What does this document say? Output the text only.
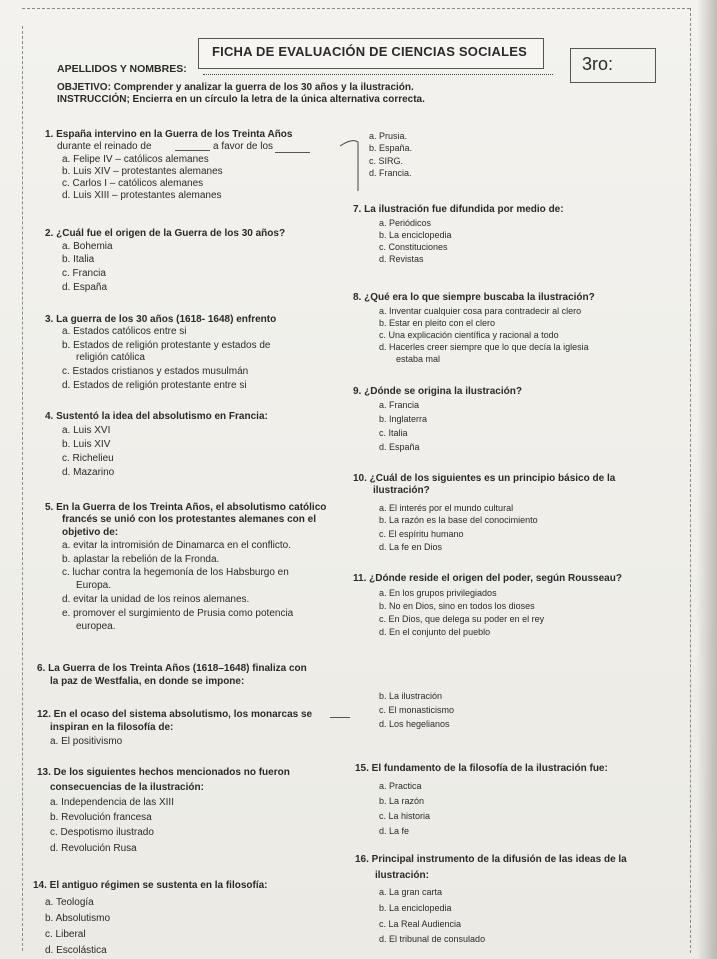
FICHA DE EVALUACIÓN DE CIENCIAS SOCIALES
3ro:
APELLIDOS Y NOMBRES:
OBJETIVO: Comprender y analizar la guerra de los 30 años y la ilustración.
INSTRUCCIÓN; Encierra en un círculo la letra de la única alternativa correcta.
1. España intervino en la Guerra de los Treinta Años
durante el reinado de	a favor de los
a. Felipe IV – católicos alemanes
b. Luis XIV – protestantes alemanes
c. Carlos I – católicos alemanes
d. Luis XIII – protestantes alemanes
a. Prusia.
b. España.
c. SIRG.
d. Francia.
7. La ilustración fue difundida por medio de:
a. Periódicos
b. La enciclopedia
c. Constituciones
d. Revistas
2. ¿Cuál fue el origen de la Guerra de los 30 años?
a. Bohemia
b. Italia
c. Francia
d. España
8. ¿Qué era lo que siempre buscaba la ilustración?
a. Inventar cualquier cosa para contradecir al clero
b. Estar en pleito con el clero
c. Una explicación científica y racional a todo
d. Hacerles creer siempre que lo que decía la iglesia
estaba mal
3. La guerra de los 30 años (1618- 1648) enfrento
a. Estados católicos entre si
b. Estados de religión protestante y estados de
religión católica
c. Estados cristianos y estados musulmán
d. Estados de religión protestante entre si
9. ¿Dónde se origina la ilustración?
a. Francia
b. Inglaterra
c. Italia
d. España
4. Sustentó la idea del absolutismo en Francia:
a. Luis XVI
b. Luis XIV
c. Richelieu
d. Mazarino
10. ¿Cuál de los siguientes es un principio básico de la
ilustración?
a. El interés por el mundo cultural
b. La razón es la base del conocimiento
c. El espíritu humano
d. La fe en Dios
5. En la Guerra de los Treinta Años, el absolutismo católico
francés se unió con los protestantes alemanes con el
objetivo de:
a. evitar la intromisión de Dinamarca en el conflicto.
b. aplastar la rebelión de la Fronda.
c. luchar contra la hegemonía de los Habsburgo en
Europa.
d. evitar la unidad de los reinos alemanes.
e. promover el surgimiento de Prusia como potencia
europea.
11. ¿Dónde reside el origen del poder, según Rousseau?
a. En los grupos privilegiados
b. No en Dios, sino en todos los dioses
c. En Dios, que delega su poder en el rey
d. En el conjunto del pueblo
6. La Guerra de los Treinta Años (1618–1648) finaliza con
la paz de Westfalia, en donde se impone:
b. La ilustración
12. En el ocaso del sistema absolutismo, los monarcas se	c. El monasticismo
inspiran en la filosofía de:	d. Los hegelianos
a. El positivismo
13. De los siguientes hechos mencionados no fueron
consecuencias de la ilustración:
a. Independencia de las XIII
b. Revolución francesa
c. Despotismo ilustrado
d. Revolución Rusa
15. El fundamento de la filosofía de la ilustración fue:
a. Practica
b. La razón
c. La historia
d. La fe
16. Principal instrumento de la difusión de las ideas de la
ilustración:
a. La gran carta
b. La enciclopedia
c. La Real Audiencia
d. El tribunal de consulado
14. El antiguo régimen se sustenta en la filosofía:
a. Teología
b. Absolutismo
c. Liberal
d. Escolástica
